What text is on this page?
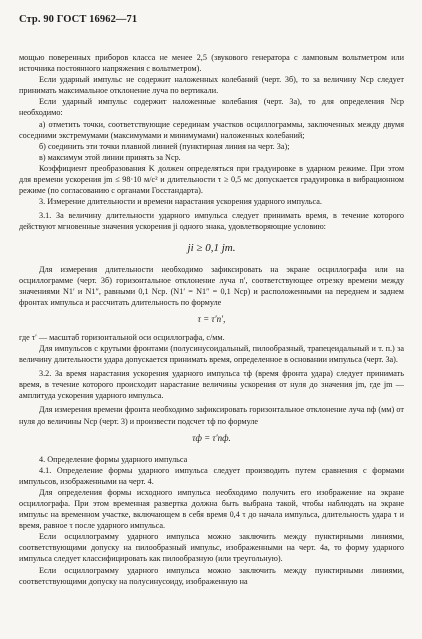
Стр. 90 ГОСТ 16962—71

мощью поверенных приборов класса не менее 2,5 (звукового генератора с ламповым вольтметром или источника постоянного напряжения с вольтметром).

Если ударный импульс не содержит наложенных колебаний (черт. 3б), то за величину Nср следует принимать максимальное отклонение луча по вертикали.

Если ударный импульс содержит наложенные колебания (черт. 3а), то для определения Nср необходимо:

а) отметить точки, соответствующие серединам участков осциллограммы, заключенных между двумя соседними экстремумами (максимумами и минимумами) наложенных колебаний;

б) соединить эти точки плавной линией (пунктирная линия на черт. 3а);

в) максимум этой линии принять за Nср.

Коэффициент преобразования K должен определяться при градуировке в ударном режиме. При этом для времени ускорения jm ≤ 98·10 м/с² и длительности τ ≥ 0,5 мс допускается градуировка в вибрационном режиме (по согласованию с органами Госстандарта).

3. Измерение длительности и времени нарастания ускорения ударного импульса.

3.1. За величину длительности ударного импульса следует принимать время, в течение которого действуют мгновенные значения ускорения ji одного знака, удовлетворяющие условию:

ji ≥ 0,1 jm.

Для измерения длительности необходимо зафиксировать на экране осциллографа или на осциллограмме (черт. 3б) горизонтальное отклонение луча n′, соответствующее отрезку времени между значениями N1′ и N1″, равными 0,1 Nср. (N1′ = N1″ = 0,1 Nср) и расположенными на переднем и заднем фронтах импульса и рассчитать длительность по формуле

τ = τ′n′,

где τ′ — масштаб горизонтальной оси осциллографа, с/мм.

Для импульсов с крутыми фронтами (полусинусоидальный, пилообразный, трапецеидальный и т. п.) за величину длительности удара допускается принимать время, определенное в основании импульса (черт. 3а).

3.2. За время нарастания ускорения ударного импульса τф (время фронта удара) следует принимать время, в течение которого происходит нарастание величины ускорения от нуля до значения jm, где jm — амплитуда ускорения ударного импульса.

Для измерения времени фронта необходимо зафиксировать горизонтальное отклонение луча nф (мм) от нуля до величины Nср (черт. 3) и произвести подсчет τф по формуле

τф = τ′nф.

4. Определение формы ударного импульса

4.1. Определение формы ударного импульса следует производить путем сравнения с формами импульсов, изображенными на черт. 4.

Для определения формы исходного импульса необходимо получить его изображение на экране осциллографа. При этом временная развертка должна быть выбрана такой, чтобы наблюдать на экране импульс на временном участке, включающем в себя время 0,4 τ до начала импульса, длительность удара τ и время, равное τ после ударного импульса.

Если осциллограмму ударного импульса можно заключить между пунктирными линиями, соответствующими допуску на пилообразный импульс, изображенными на черт. 4а, то форму ударного импульса следует классифицировать как пилообразную (или треугольную).

Если осциллограмму ударного импульса можно заключить между пунктирными линиями, соответствующими допуску на полусинусоиду, изображенную на
